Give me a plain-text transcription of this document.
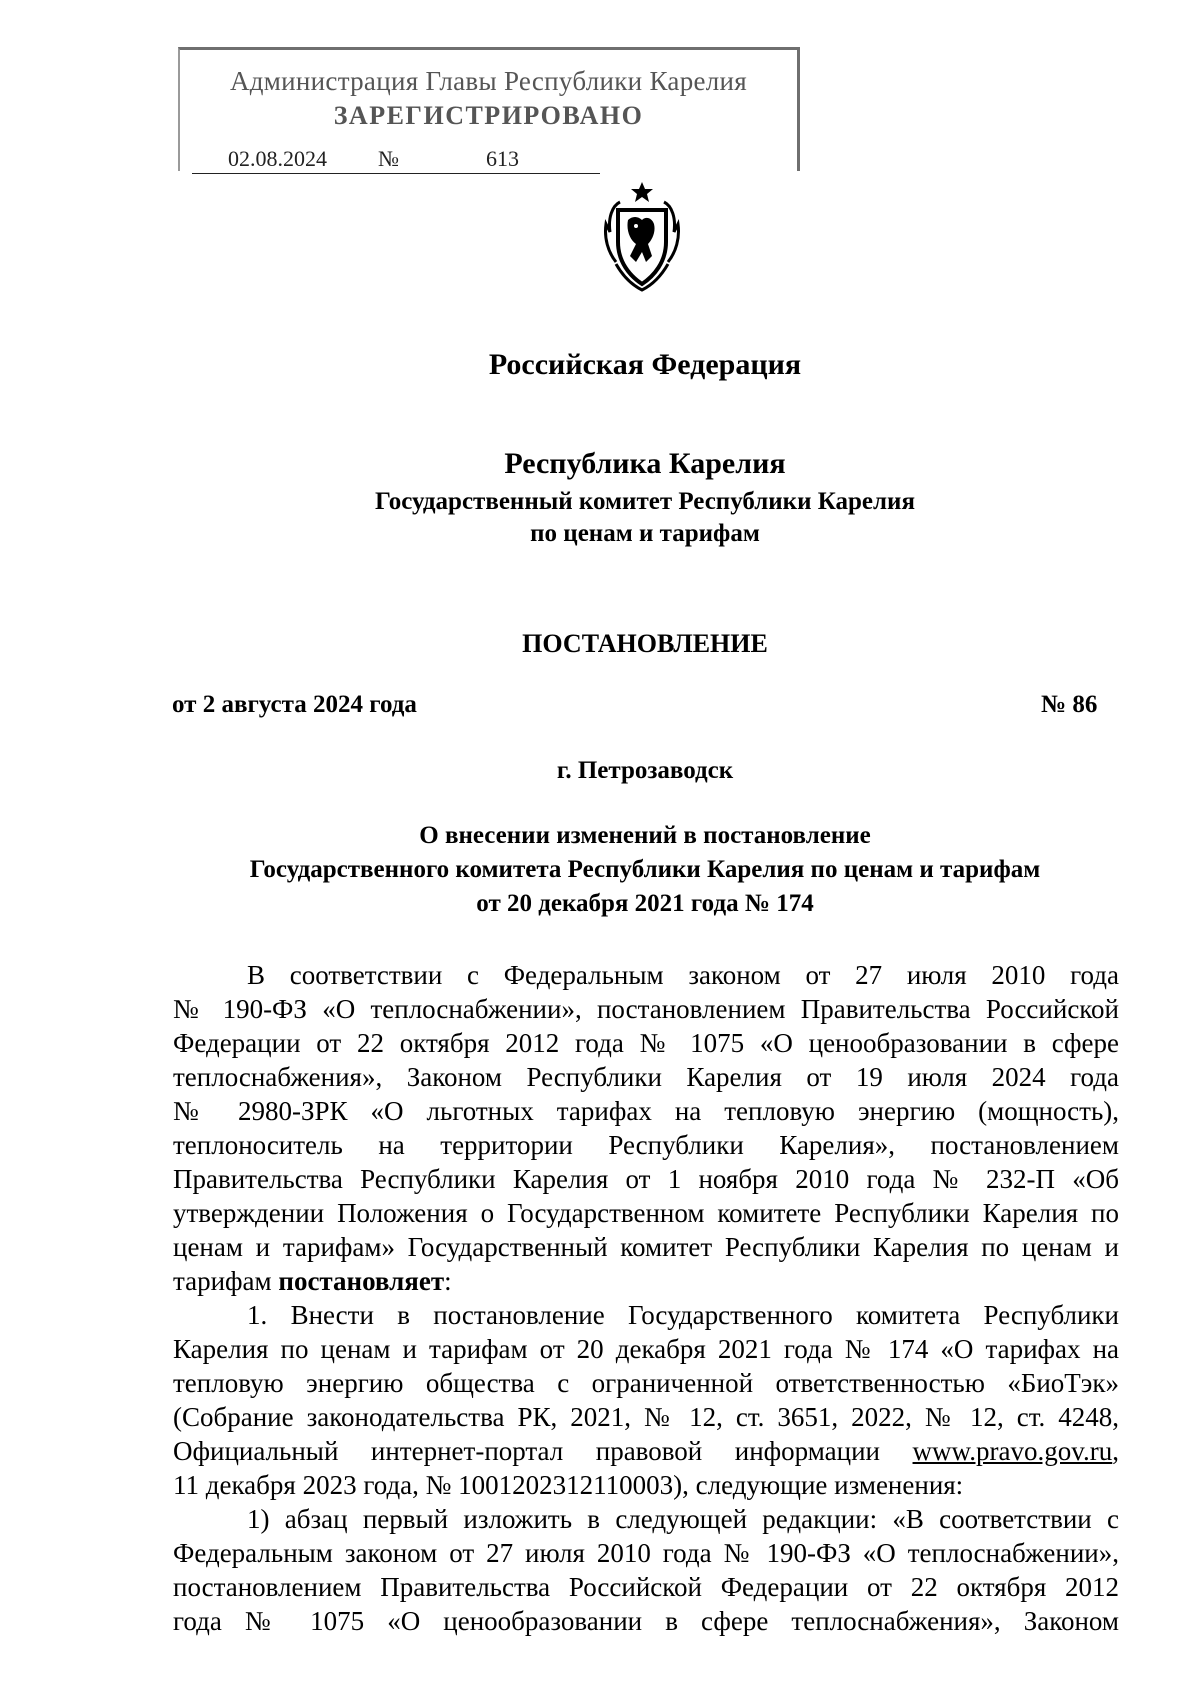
Администрация Главы Республики Карелия
ЗАРЕГИСТРИРОВАНО
02.08.2024 №	613
Российская Федерация
Республика Карелия
Государственный комитет Республики Карелия
по ценам и тарифам
ПОСТАНОВЛЕНИЕ
от 2 августа 2024 года	№ 86
г. Петрозаводск
О внесении изменений в постановление
Государственного комитета Республики Карелия по ценам и тарифам
от 20 декабря 2021 года № 174
В соответствии с Федеральным законом от 27 июля 2010 года
№ 190-ФЗ «О теплоснабжении», постановлением Правительства Российской
Федерации от 22 октября 2012 года № 1075 «О ценообразовании в сфере
теплоснабжения», Законом Республики Карелия от 19 июля 2024 года
№ 2980-ЗРК «О льготных тарифах на тепловую энергию (мощность),
теплоноситель на территории Республики Карелия», постановлением
Правительства Республики Карелия от 1 ноября 2010 года № 232-П «Об
утверждении Положения о Государственном комитете Республики Карелия по
ценам и тарифам» Государственный комитет Республики Карелия по ценам и
тарифам постановляет:
1. Внести в постановление Государственного комитета Республики
Карелия по ценам и тарифам от 20 декабря 2021 года № 174 «О тарифах на
тепловую энергию общества с ограниченной ответственностью «БиоТэк»
(Собрание законодательства РК, 2021, № 12, ст. 3651, 2022, № 12, ст. 4248,
Официальный интернет-портал правовой информации www.pravo.gov.ru,
11 декабря 2023 года, № 1001202312110003), следующие изменения:
1) абзац первый изложить в следующей редакции: «В соответствии с
Федеральным законом от 27 июля 2010 года № 190-ФЗ «О теплоснабжении»,
постановлением Правительства Российской Федерации от 22 октября 2012
года № 1075 «О ценообразовании в сфере теплоснабжения», Законом
